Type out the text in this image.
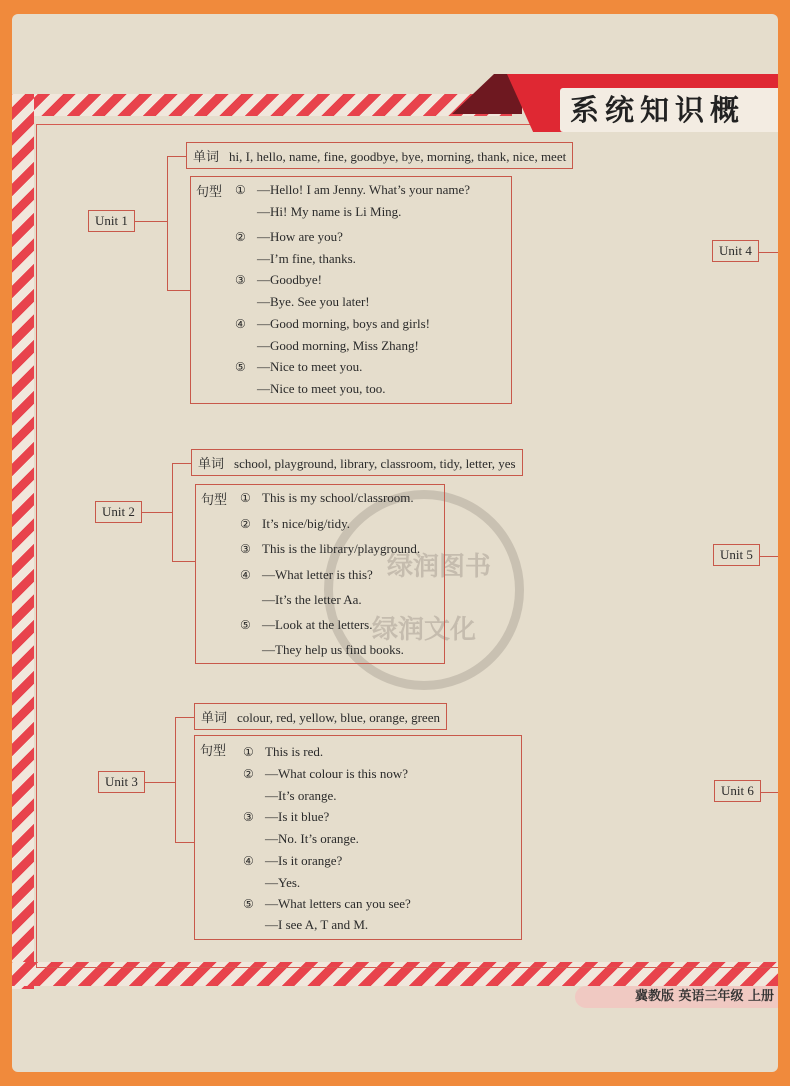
系统知识概
绿润图书
绿润文化
Unit 1
单词 hi, I, hello, name, fine, goodbye, bye, morning, thank, nice, meet
句型 ① —Hello! I am Jenny. What’s your name?
—Hi! My name is Li Ming.
② —How are you?
—I’m fine, thanks.
③ —Goodbye!
—Bye. See you later!
④ —Good morning, boys and girls!
—Good morning, Miss Zhang!
⑤ —Nice to meet you.
—Nice to meet you, too.
Unit 2
单词 school, playground, library, classroom, tidy, letter, yes
句型 ① This is my school/classroom.
② It’s nice/big/tidy.
③ This is the library/playground.
④ —What letter is this?
—It’s the letter Aa.
⑤ —Look at the letters.
—They help us find books.
Unit 3
单词 colour, red, yellow, blue, orange, green
句型 ① This is red.
② —What colour is this now?
—It’s orange.
③ —Is it blue?
—No. It’s orange.
④ —Is it orange?
—Yes.
⑤ —What letters can you see?
—I see A, T and M.
Unit 4
Unit 5
Unit 6
冀教版 英语三年级 上册
